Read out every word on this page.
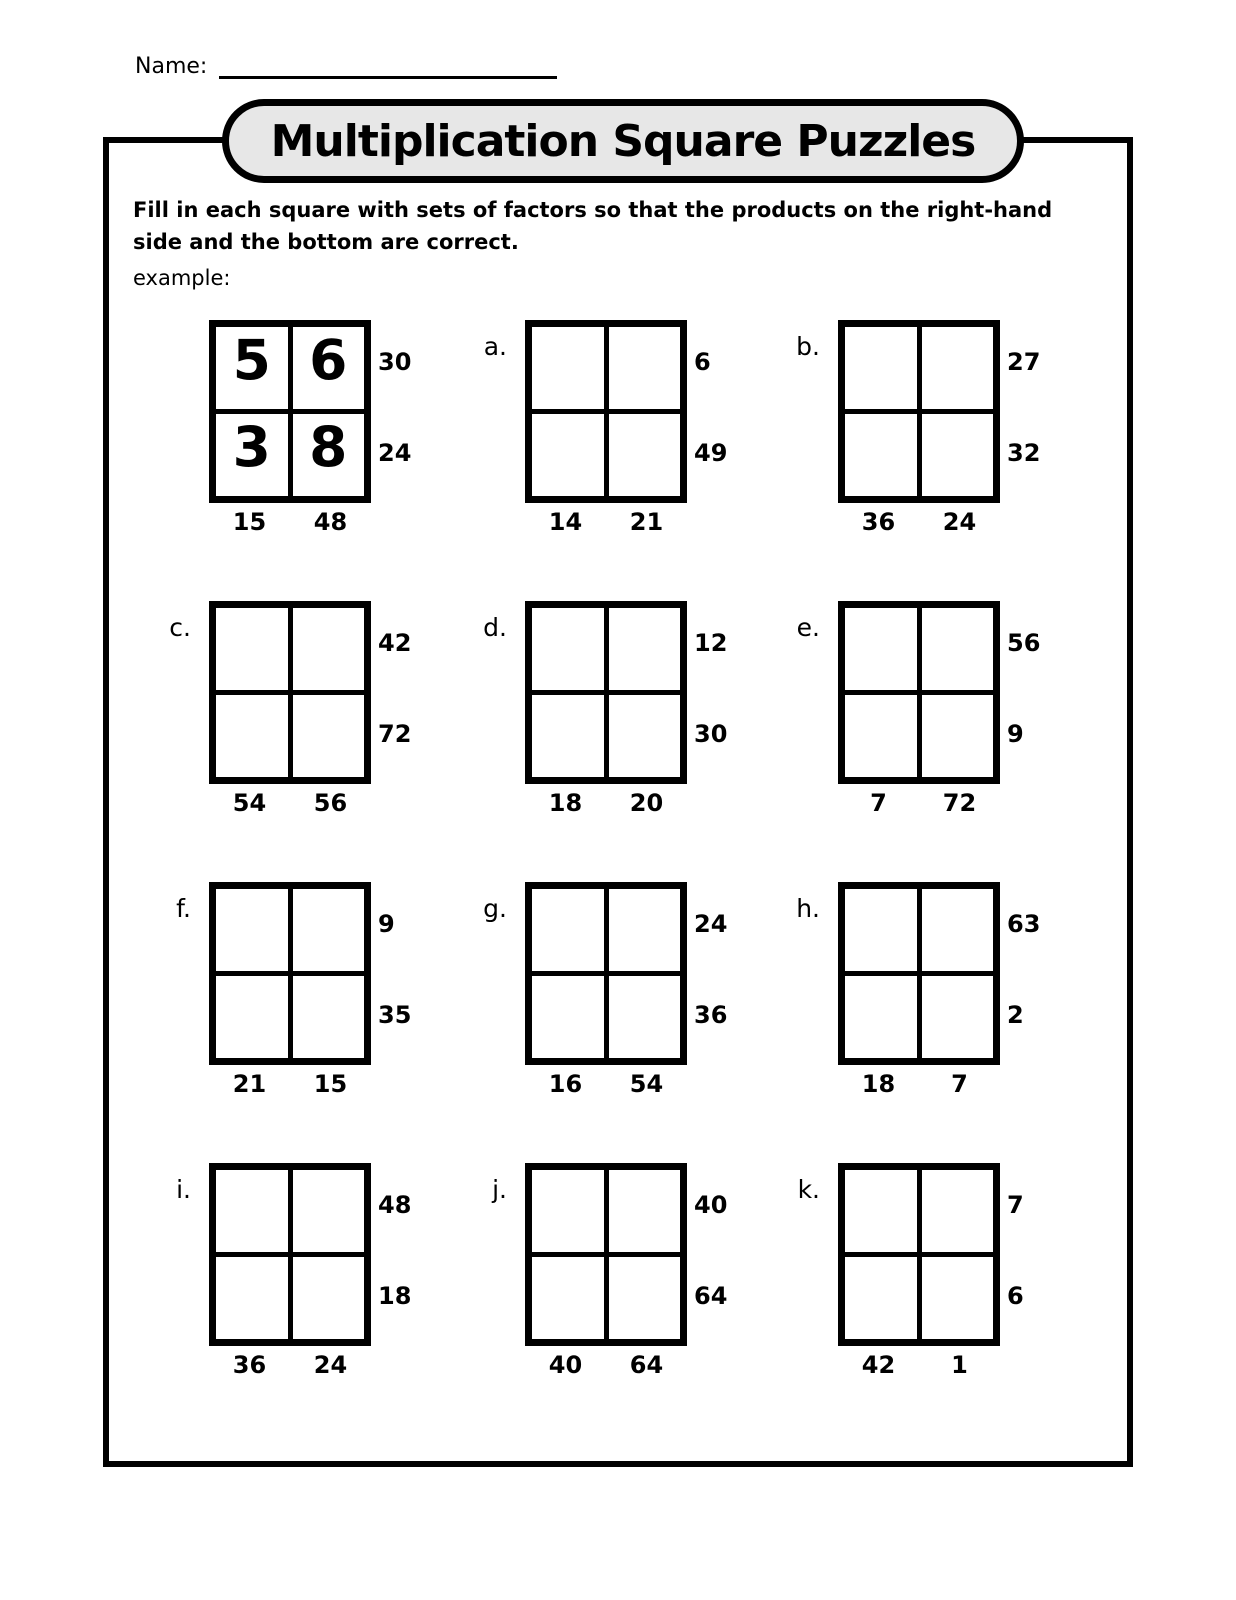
Name:
Multiplication Square Puzzles
Fill in each square with sets of factors so that the products on the right-hand side and the bottom are correct.
example:
5 6
3 8
30
24
15	48
a.
6
49
14	21
b.
27
32
36	24
c.
42
72
54	56
d.
12
30
18	20
e.
56
9
7	72
f.
9
35
21	15
g.
24
36
16	54
h.
63
2
18	7
i.
48
18
36	24
j.
40
64
40	64
k.
7
6
42	1
